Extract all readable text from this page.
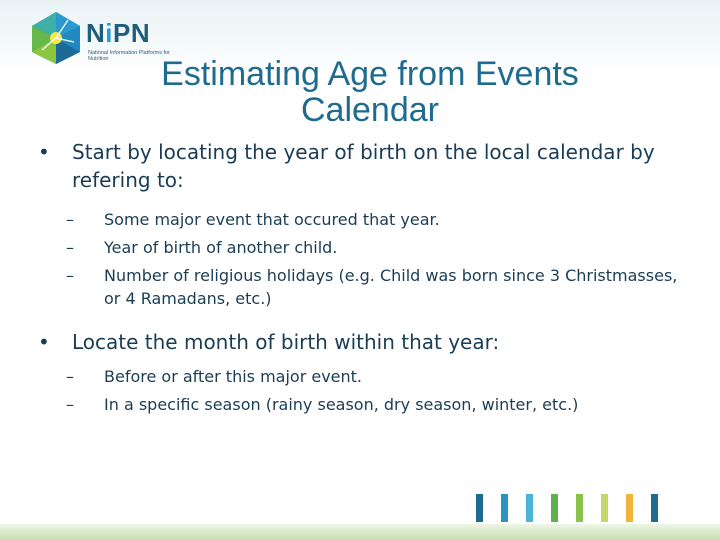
NiPN
National Information Platforms for Nutrition	Estimating Age from Events Calendar
• Start by locating the year of birth on the local calendar by refering to:
– Some major event that occured that year.
– Year of birth of another child.
– Number of religious holidays (e.g. Child was born since 3 Christmasses, or 4 Ramadans, etc.)
• Locate the month of birth within that year:
– Before or after this major event.
– In a specific season (rainy season, dry season, winter, etc.)
